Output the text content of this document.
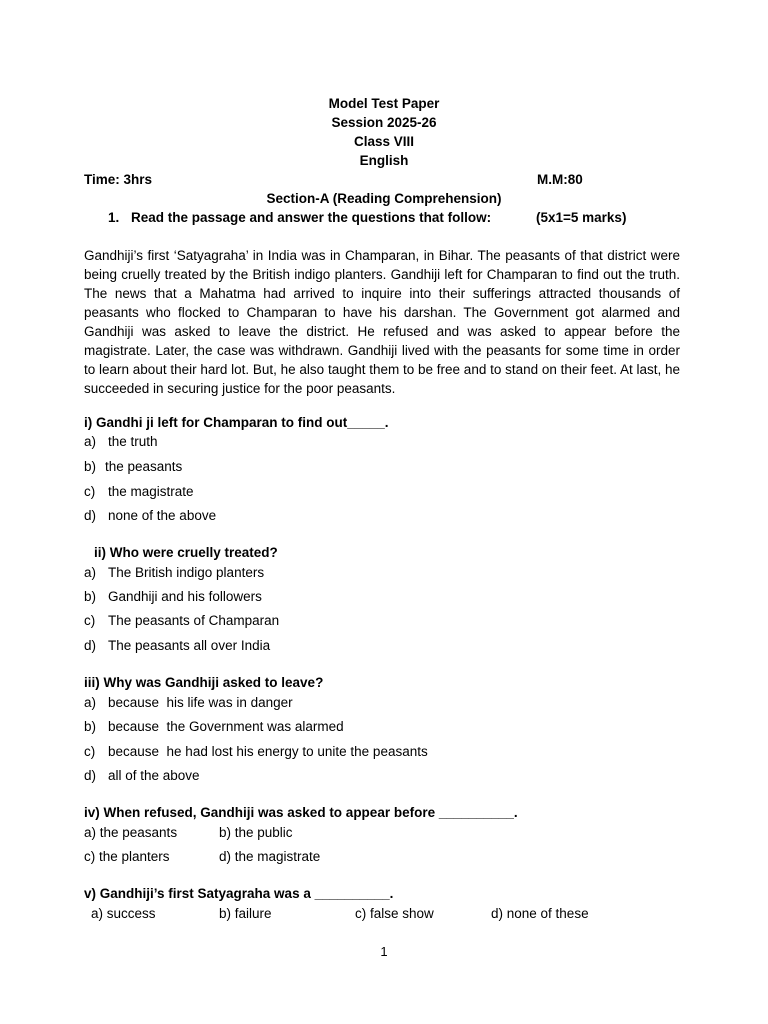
Model Test Paper
Session 2025-26
Class VIII
English
Time: 3hrs	M.M:80
Section-A (Reading Comprehension)
1. Read the passage and answer the questions that follow:	(5x1=5 marks)
Gandhiji’s first ‘Satyagraha’ in India was in Champaran, in Bihar. The peasants of that district were being cruelly treated by the British indigo planters. Gandhiji left for Champaran to find out the truth. The news that a Mahatma had arrived to inquire into their sufferings attracted thousands of peasants who flocked to Champaran to have his darshan. The Government got alarmed and Gandhiji was asked to leave the district. He refused and was asked to appear before the magistrate. Later, the case was withdrawn. Gandhiji lived with the peasants for some time in order to learn about their hard lot. But, he also taught them to be free and to stand on their feet. At last, he succeeded in securing justice for the poor peasants.
i) Gandhi ji left for Champaran to find out_____.
a) the truth
b) the peasants
c) the magistrate
d) none of the above
ii) Who were cruelly treated?
a) The British indigo planters
b) Gandhiji and his followers
c) The peasants of Champaran
d) The peasants all over India
iii) Why was Gandhiji asked to leave?
a) because  his life was in danger
b) because  the Government was alarmed
c) because  he had lost his energy to unite the peasants
d) all of the above
iv) When refused, Gandhiji was asked to appear before __________.
a) the peasants	b) the public
c) the planters	d) the magistrate
v) Gandhiji’s first Satyagraha was a __________.
a) success	b) failure	c) false show	d) none of these
1
